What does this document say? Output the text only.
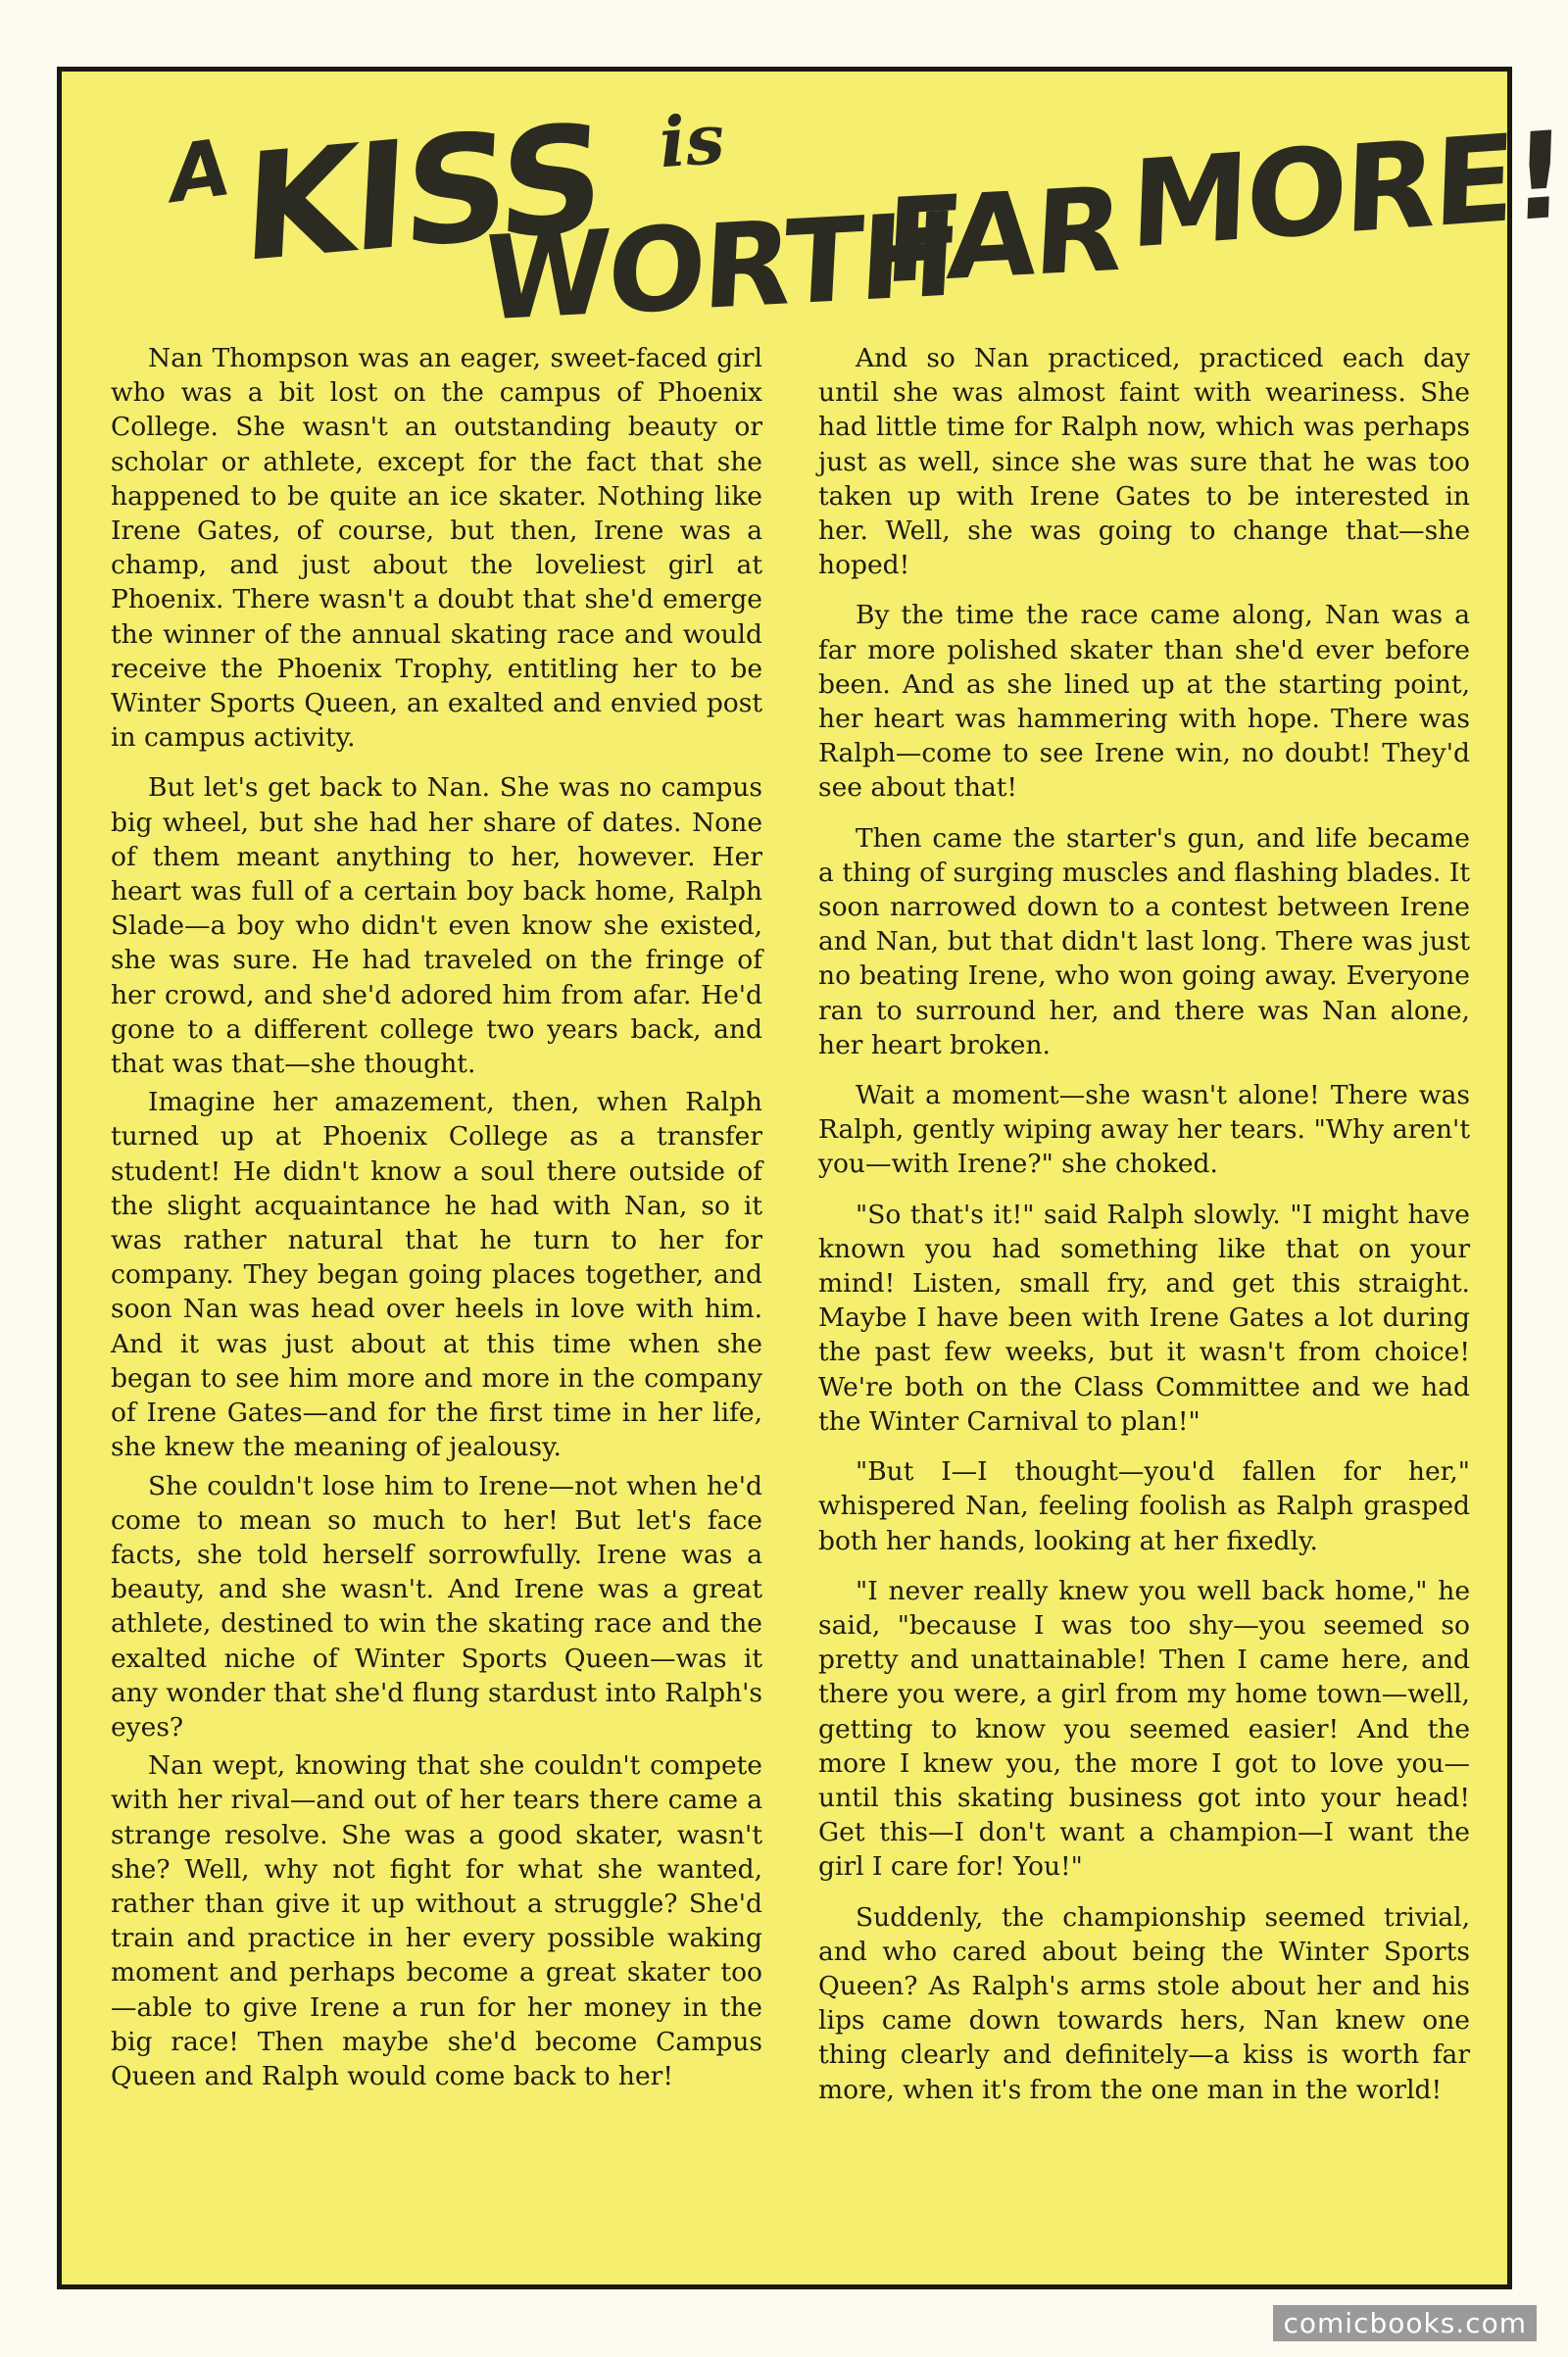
A KISS is
WORTH
FAR MORE!

Nan Thompson was an eager, sweet-faced girl who was a bit lost on the campus of Phoenix College. She wasn't an outstanding beauty or scholar or athlete, except for the fact that she happened to be quite an ice skater. Nothing like Irene Gates, of course, but then, Irene was a champ, and just about the loveliest girl at Phoenix. There wasn't a doubt that she'd emerge the winner of the annual skating race and would receive the Phoenix Trophy, entitling her to be Winter Sports Queen, an exalted and envied post in campus activity.

But let's get back to Nan. She was no campus big wheel, but she had her share of dates. None of them meant anything to her, however. Her heart was full of a certain boy back home, Ralph Slade—a boy who didn't even know she existed, she was sure. He had traveled on the fringe of her crowd, and she'd adored him from afar. He'd gone to a different college two years back, and that was that—she thought.

Imagine her amazement, then, when Ralph turned up at Phoenix College as a transfer student! He didn't know a soul there outside of the slight acquaintance he had with Nan, so it was rather natural that he turn to her for company. They began going places together, and soon Nan was head over heels in love with him. And it was just about at this time when she began to see him more and more in the company of Irene Gates—and for the first time in her life, she knew the meaning of jealousy.

She couldn't lose him to Irene—not when he'd come to mean so much to her! But let's face facts, she told herself sorrowfully. Irene was a beauty, and she wasn't. And Irene was a great athlete, destined to win the skating race and the exalted niche of Winter Sports Queen—was it any wonder that she'd flung stardust into Ralph's eyes?

Nan wept, knowing that she couldn't compete with her rival—and out of her tears there came a strange resolve. She was a good skater, wasn't she? Well, why not fight for what she wanted, rather than give it up without a struggle? She'd train and practice in her every possible waking moment and perhaps become a great skater too—able to give Irene a run for her money in the big race! Then maybe she'd become Campus Queen and Ralph would come back to her!

And so Nan practiced, practiced each day until she was almost faint with weariness. She had little time for Ralph now, which was perhaps just as well, since she was sure that he was too taken up with Irene Gates to be interested in her. Well, she was going to change that—she hoped!

By the time the race came along, Nan was a far more polished skater than she'd ever before been. And as she lined up at the starting point, her heart was hammering with hope. There was Ralph—come to see Irene win, no doubt! They'd see about that!

Then came the starter's gun, and life became a thing of surging muscles and flashing blades. It soon narrowed down to a contest between Irene and Nan, but that didn't last long. There was just no beating Irene, who won going away. Everyone ran to surround her, and there was Nan alone, her heart broken.

Wait a moment—she wasn't alone! There was Ralph, gently wiping away her tears. "Why aren't you—with Irene?" she choked.

"So that's it!" said Ralph slowly. "I might have known you had something like that on your mind! Listen, small fry, and get this straight. Maybe I have been with Irene Gates a lot during the past few weeks, but it wasn't from choice! We're both on the Class Committee and we had the Winter Carnival to plan!"

"But I—I thought—you'd fallen for her," whispered Nan, feeling foolish as Ralph grasped both her hands, looking at her fixedly.

"I never really knew you well back home," he said, "because I was too shy—you seemed so pretty and unattainable! Then I came here, and there you were, a girl from my home town—well, getting to know you seemed easier! And the more I knew you, the more I got to love you—until this skating business got into your head! Get this—I don't want a champion—I want the girl I care for! You!"

Suddenly, the championship seemed trivial, and who cared about being the Winter Sports Queen? As Ralph's arms stole about her and his lips came down towards hers, Nan knew one thing clearly and definitely—a kiss is worth far more, when it's from the one man in the world!

comicbooks.com
